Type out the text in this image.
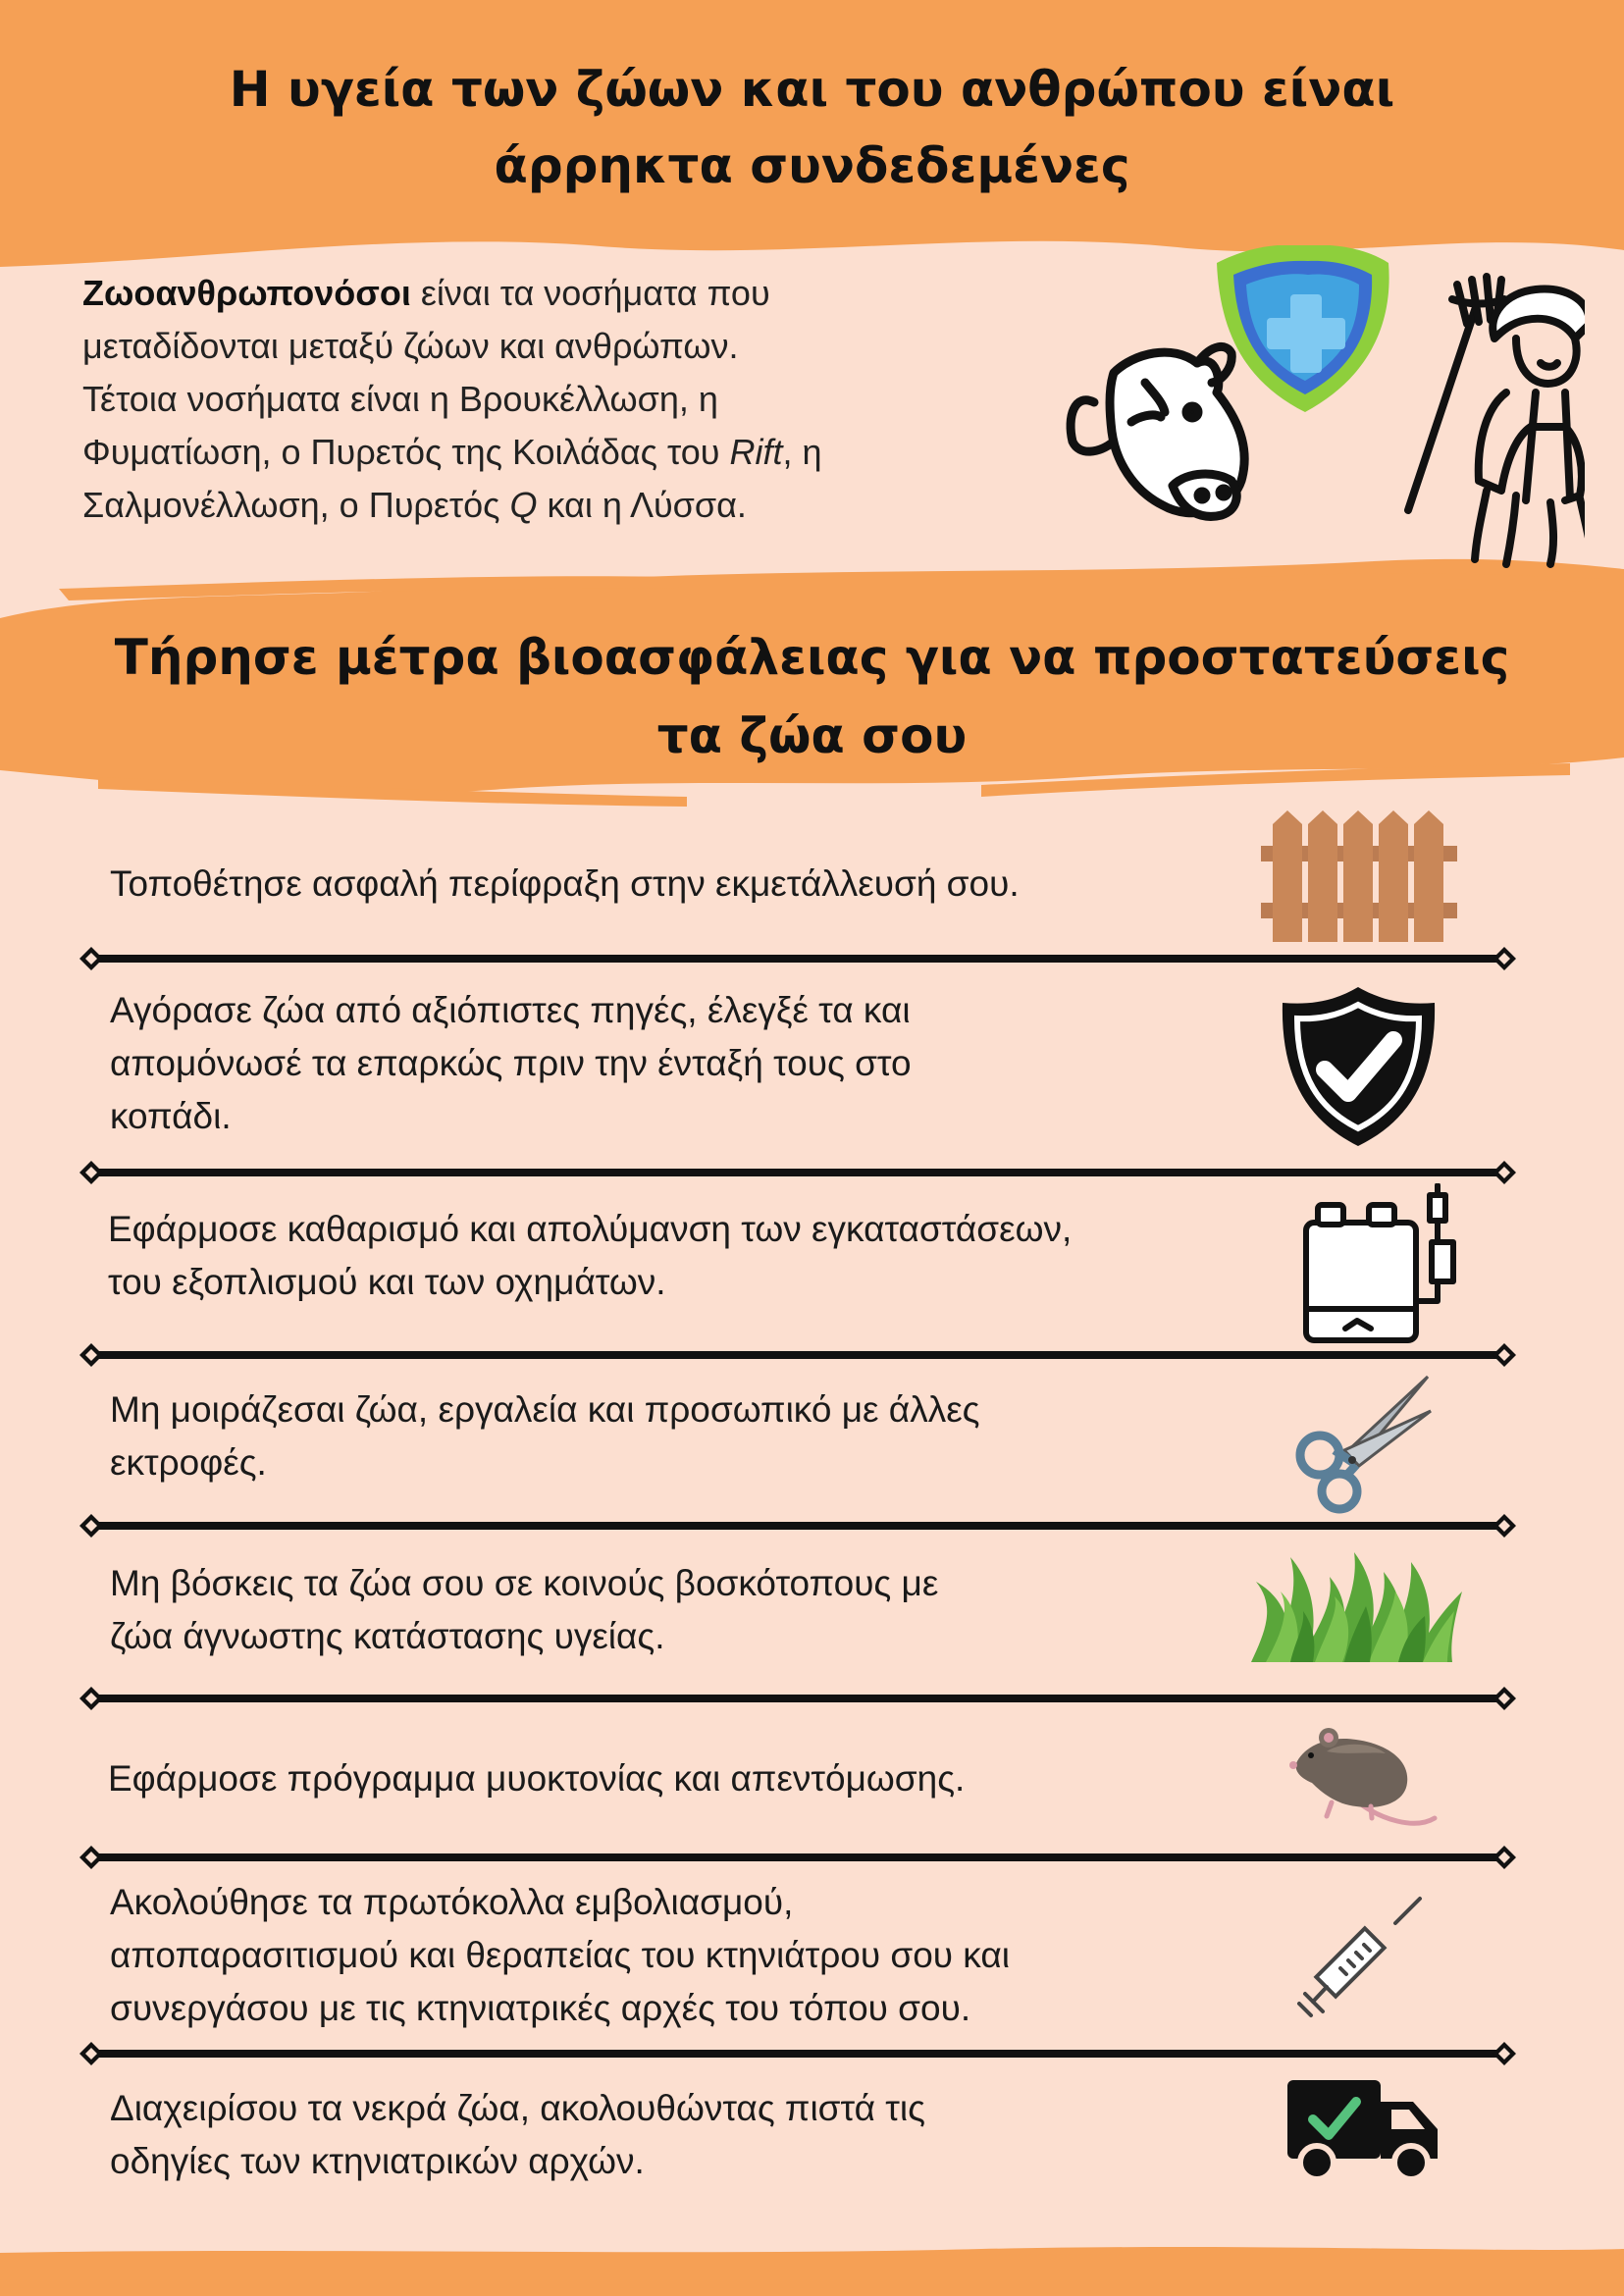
Η υγεία των ζώων και του ανθρώπου είναι
άρρηκτα συνδεδεμένες
Ζωοανθρωπονόσοι είναι τα νοσήματα που
μεταδίδονται μεταξύ ζώων και ανθρώπων.
Τέτοια νοσήματα είναι η Βρουκέλλωση, η
Φυματίωση, ο Πυρετός της Κοιλάδας του Rift, η
Σαλμονέλλωση, ο Πυρετός Q και η Λύσσα.
Τήρησε μέτρα βιοασφάλειας για να προστατεύσεις
τα ζώα σου
Τοποθέτησε ασφαλή περίφραξη στην εκμετάλλευσή σου.
Αγόρασε ζώα από αξιόπιστες πηγές, έλεγξέ τα και
απομόνωσέ τα επαρκώς πριν την ένταξή τους στο
κοπάδι.
Εφάρμοσε καθαρισμό και απολύμανση των εγκαταστάσεων,
του εξοπλισμού και των οχημάτων.
Μη μοιράζεσαι ζώα, εργαλεία και προσωπικό με άλλες
εκτροφές.
Μη βόσκεις τα ζώα σου σε κοινούς βοσκότοπους με
ζώα άγνωστης κατάστασης υγείας.
Εφάρμοσε πρόγραμμα μυοκτονίας και απεντόμωσης.
Ακολούθησε τα πρωτόκολλα εμβολιασμού,
αποπαρασιτισμού και θεραπείας του κτηνιάτρου σου και
συνεργάσου με τις κτηνιατρικές αρχές του τόπου σου.
Διαχειρίσου τα νεκρά ζώα, ακολουθώντας πιστά τις
οδηγίες των κτηνιατρικών αρχών.
